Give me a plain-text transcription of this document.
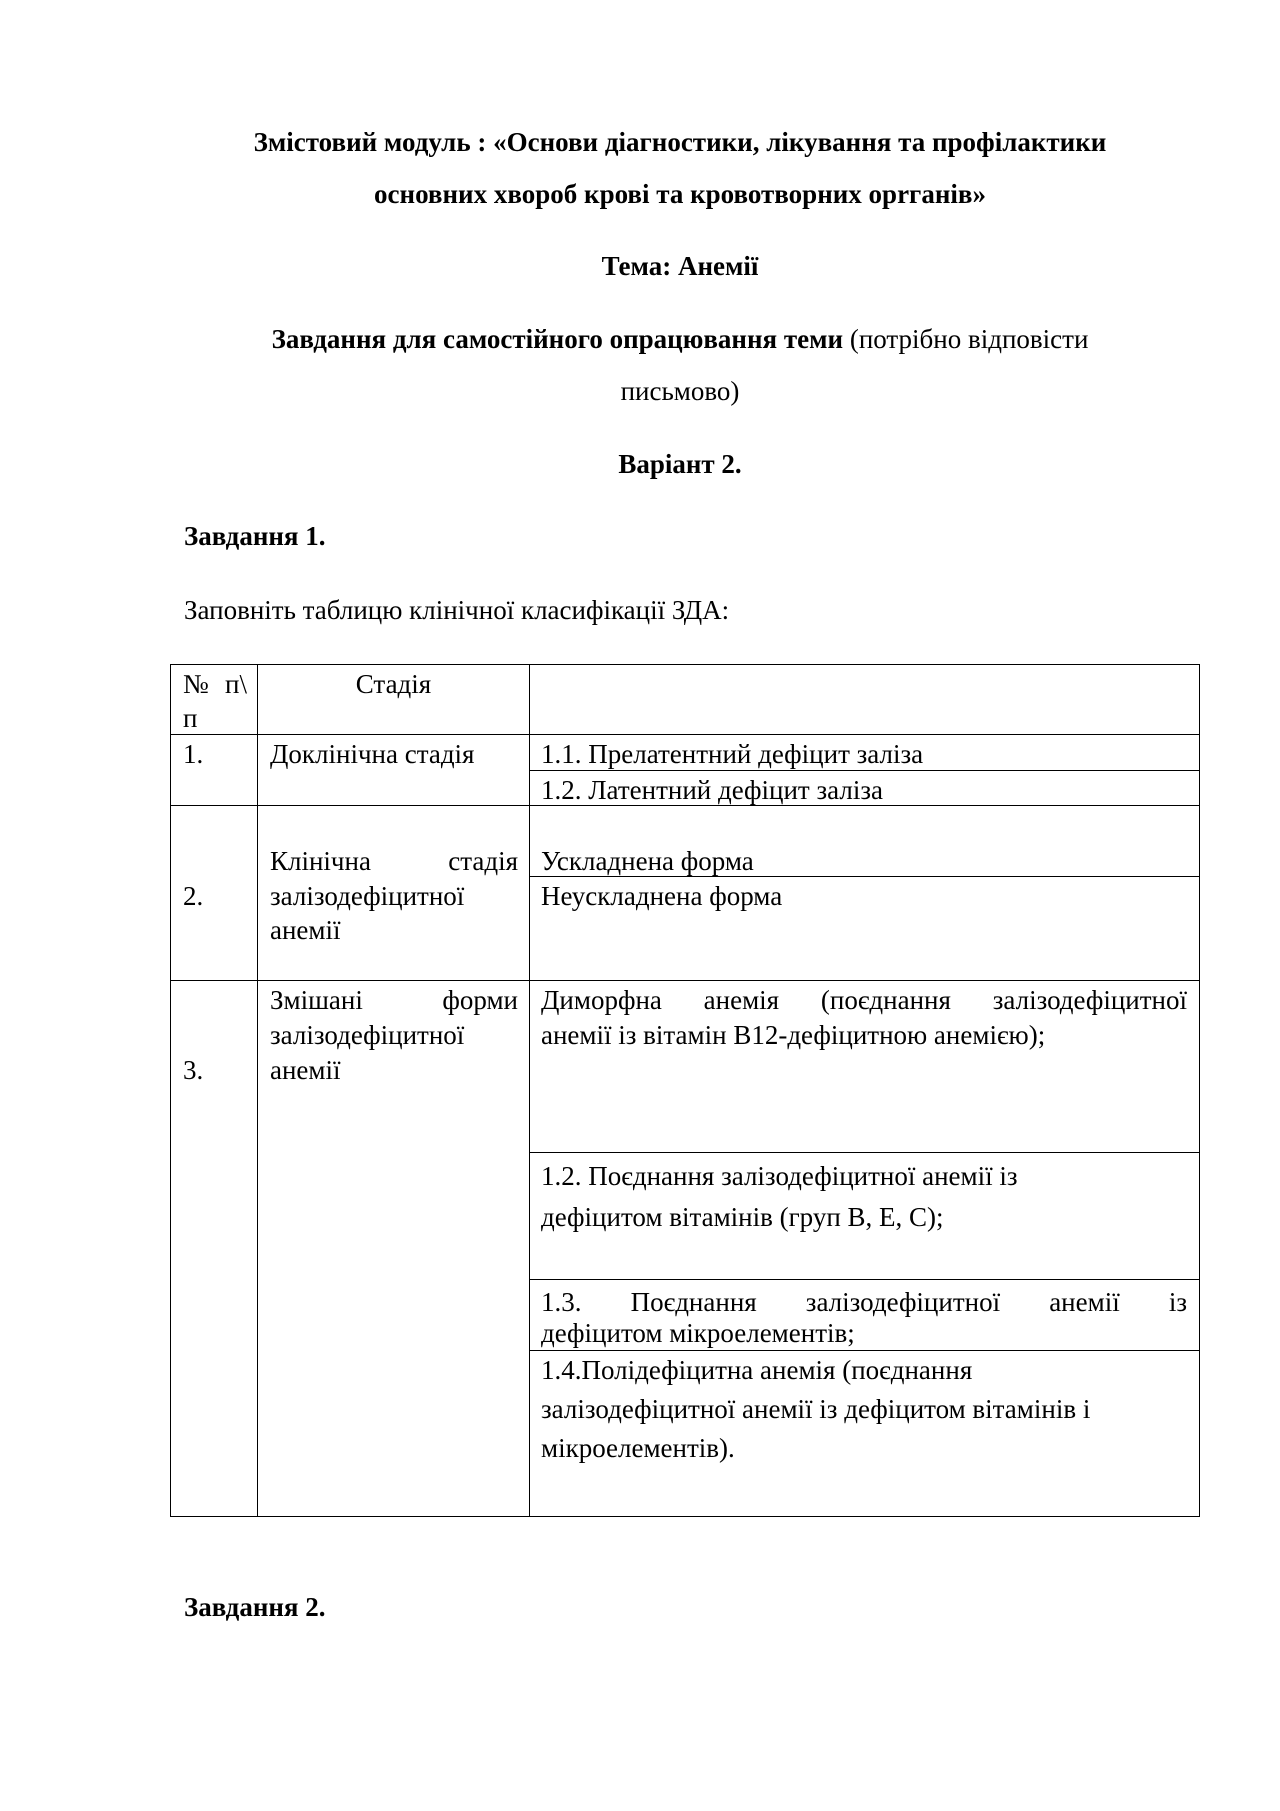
Змістовий модуль : «Основи діагностики, лікування та профілактики
основних хвороб крові та кровотворних орrганів»
Тема: Анемії
Завдання для самостійного опрацювання теми (потрібно відповісти
письмово)
Варіант 2.
Завдання 1.
Заповніть таблицю клінічної класифікації ЗДА:
№ п\
п
Стадія
1. Доклінічна стадія 1.1. Прелатентний дефіцит заліза
1.2. Латентний дефіцит заліза
2.
Клінічна	стадія
залізодефіцитної
анемії
Ускладнена форма
Неускладнена форма
3.
Змішані	форми
залізодефіцитної
анемії
Диморфна анемія (поєднання залізодефіцитної
анемії із вітамін В12-дефіцитною анемією);
1.2. Поєднання залізодефіцитної анемії із
дефіцитом вітамінів (груп В, Е, С);
1.3. Поєднання залізодефіцитної анемії із
дефіцитом мікроелементів;
1.4.Полідефіцитна анемія (поєднання
залізодефіцитної анемії із дефіцитом вітамінів і
мікроелементів).
Завдання 2.
